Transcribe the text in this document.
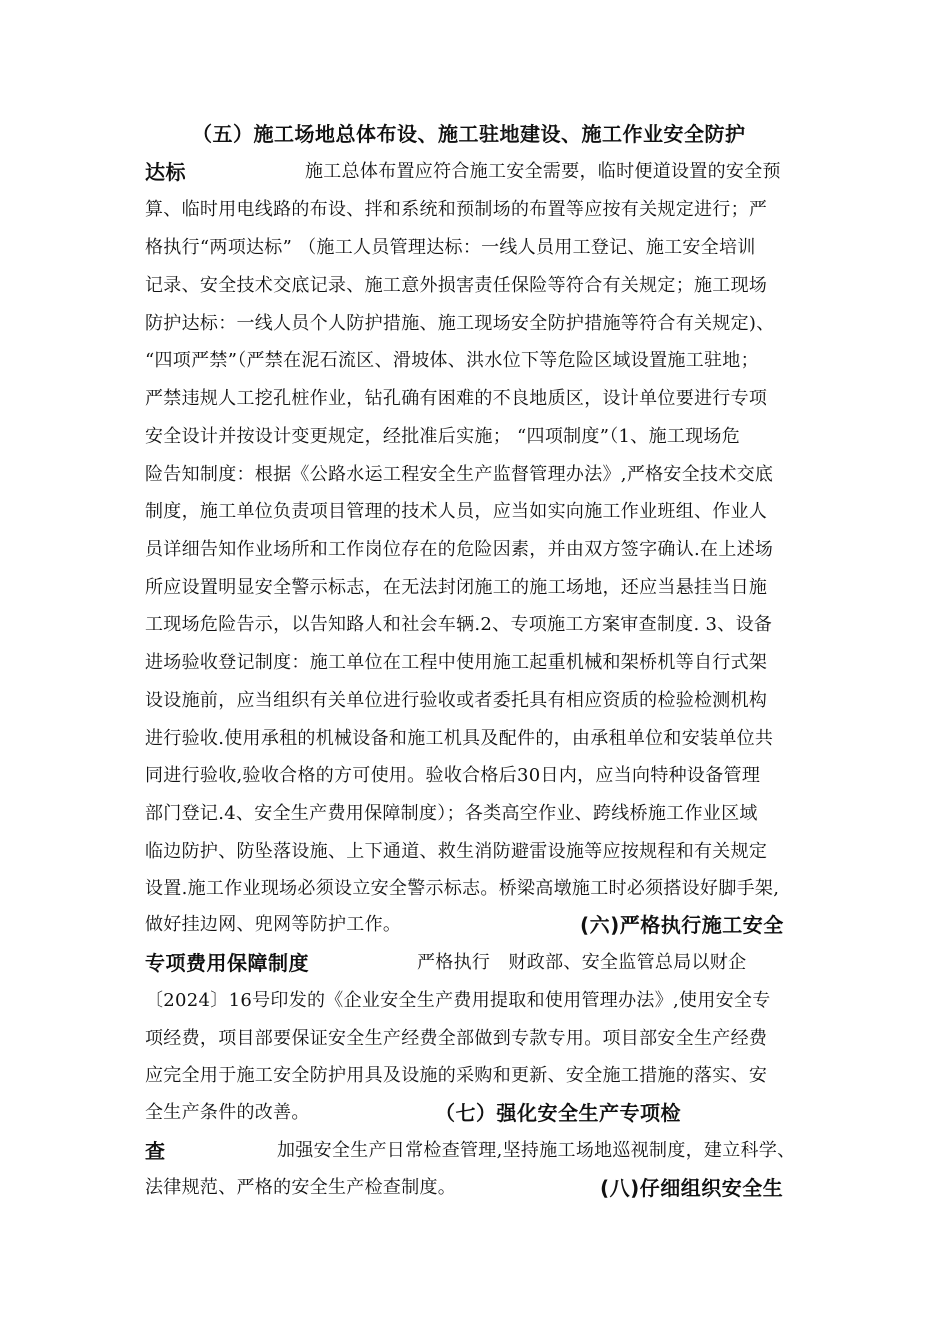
（五）施工场地总体布设、施工驻地建设、施工作业安全防护
达标	施工总体布置应符合施工安全需要，临时便道设置的安全预
算、临时用电线路的布设、拌和系统和预制场的布置等应按有关规定进行；严
格执行“两项达标” （施工人员管理达标：一线人员用工登记、施工安全培训
记录、安全技术交底记录、施工意外损害责任保险等符合有关规定；施工现场
防护达标：一线人员个人防护措施、施工现场安全防护措施等符合有关规定)、
“四项严禁”（严禁在泥石流区、滑坡体、洪水位下等危险区域设置施工驻地；
严禁违规人工挖孔桩作业，钻孔确有困难的不良地质区，设计单位要进行专项
安全设计并按设计变更规定，经批准后实施； “四项制度”（1、施工现场危
险告知制度：根据《公路水运工程安全生产监督管理办法》,严格安全技术交底
制度，施工单位负责项目管理的技术人员，应当如实向施工作业班组、作业人
员详细告知作业场所和工作岗位存在的危险因素，并由双方签字确认.在上述场
所应设置明显安全警示标志，在无法封闭施工的施工场地，还应当悬挂当日施
工现场危险告示，以告知路人和社会车辆.2、专项施工方案审查制度. 3、设备
进场验收登记制度：施工单位在工程中使用施工起重机械和架桥机等自行式架
设设施前，应当组织有关单位进行验收或者委托具有相应资质的检验检测机构
进行验收.使用承租的机械设备和施工机具及配件的，由承租单位和安装单位共
同进行验收,验收合格的方可使用。验收合格后30日内，应当向特种设备管理
部门登记.4、安全生产费用保障制度）；各类高空作业、跨线桥施工作业区域
临边防护、防坠落设施、上下通道、救生消防避雷设施等应按规程和有关规定
设置.施工作业现场必须设立安全警示标志。桥梁高墩施工时必须搭设好脚手架,
做好挂边网、兜网等防护工作。	(六)严格执行施工安全
专项费用保障制度	严格执行　财政部、安全监管总局以财企
〔2024〕16号印发的《企业安全生产费用提取和使用管理办法》,使用安全专
项经费，项目部要保证安全生产经费全部做到专款专用。项目部安全生产经费
应完全用于施工安全防护用具及设施的采购和更新、安全施工措施的落实、安
全生产条件的改善。	（七）强化安全生产专项检
查	加强安全生产日常检查管理,坚持施工场地巡视制度，建立科学、
法律规范、严格的安全生产检查制度。	(八)仔细组织安全生
